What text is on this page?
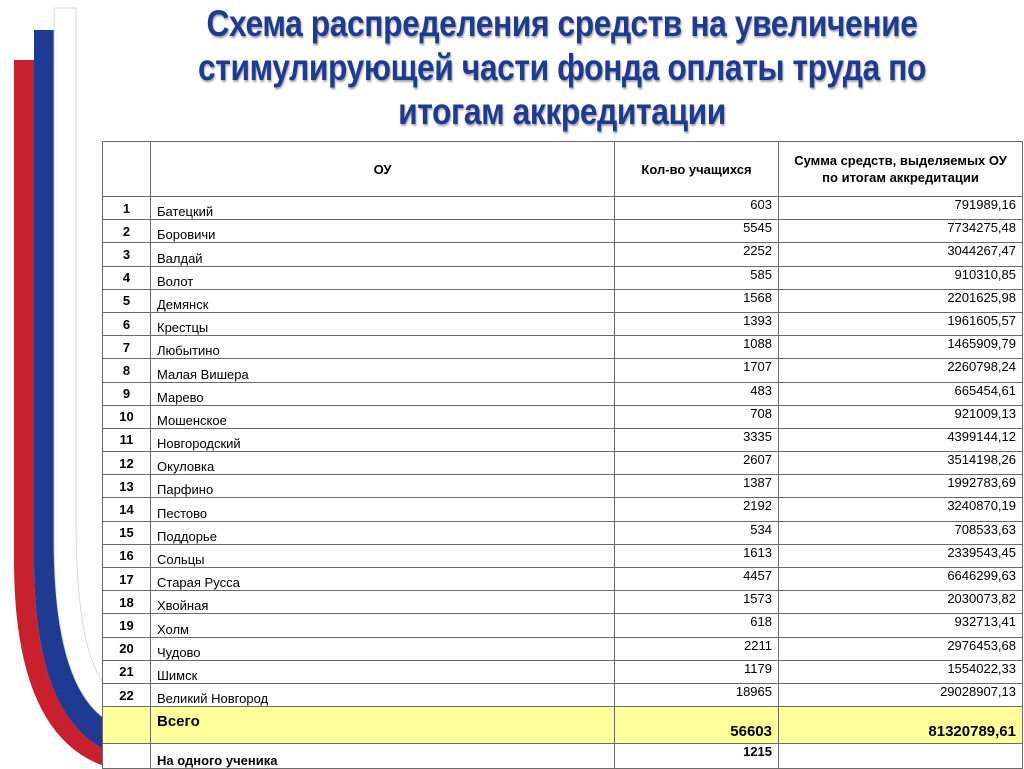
Схема распределения средств на увеличение
стимулирующей части фонда оплаты труда по
итогам аккредитации
	ОУ	Кол-во учащихся	Сумма средств, выделяемых ОУ по итогам аккредитации
1	Батецкий	603	791989,16
2	Боровичи	5545	7734275,48
3	Валдай	2252	3044267,47
4	Волот	585	910310,85
5	Демянск	1568	2201625,98
6	Крестцы	1393	1961605,57
7	Любытино	1088	1465909,79
8	Малая Вишера	1707	2260798,24
9	Марево	483	665454,61
10	Мошенское	708	921009,13
11	Новгородский	3335	4399144,12
12	Окуловка	2607	3514198,26
13	Парфино	1387	1992783,69
14	Пестово	2192	3240870,19
15	Поддорье	534	708533,63
16	Сольцы	1613	2339543,45
17	Старая Русса	4457	6646299,63
18	Хвойная	1573	2030073,82
19	Холм	618	932713,41
20	Чудово	2211	2976453,68
21	Шимск	1179	1554022,33
22	Великий Новгород	18965	29028907,13
	Всего	56603	81320789,61
	На одного ученика	1215	
